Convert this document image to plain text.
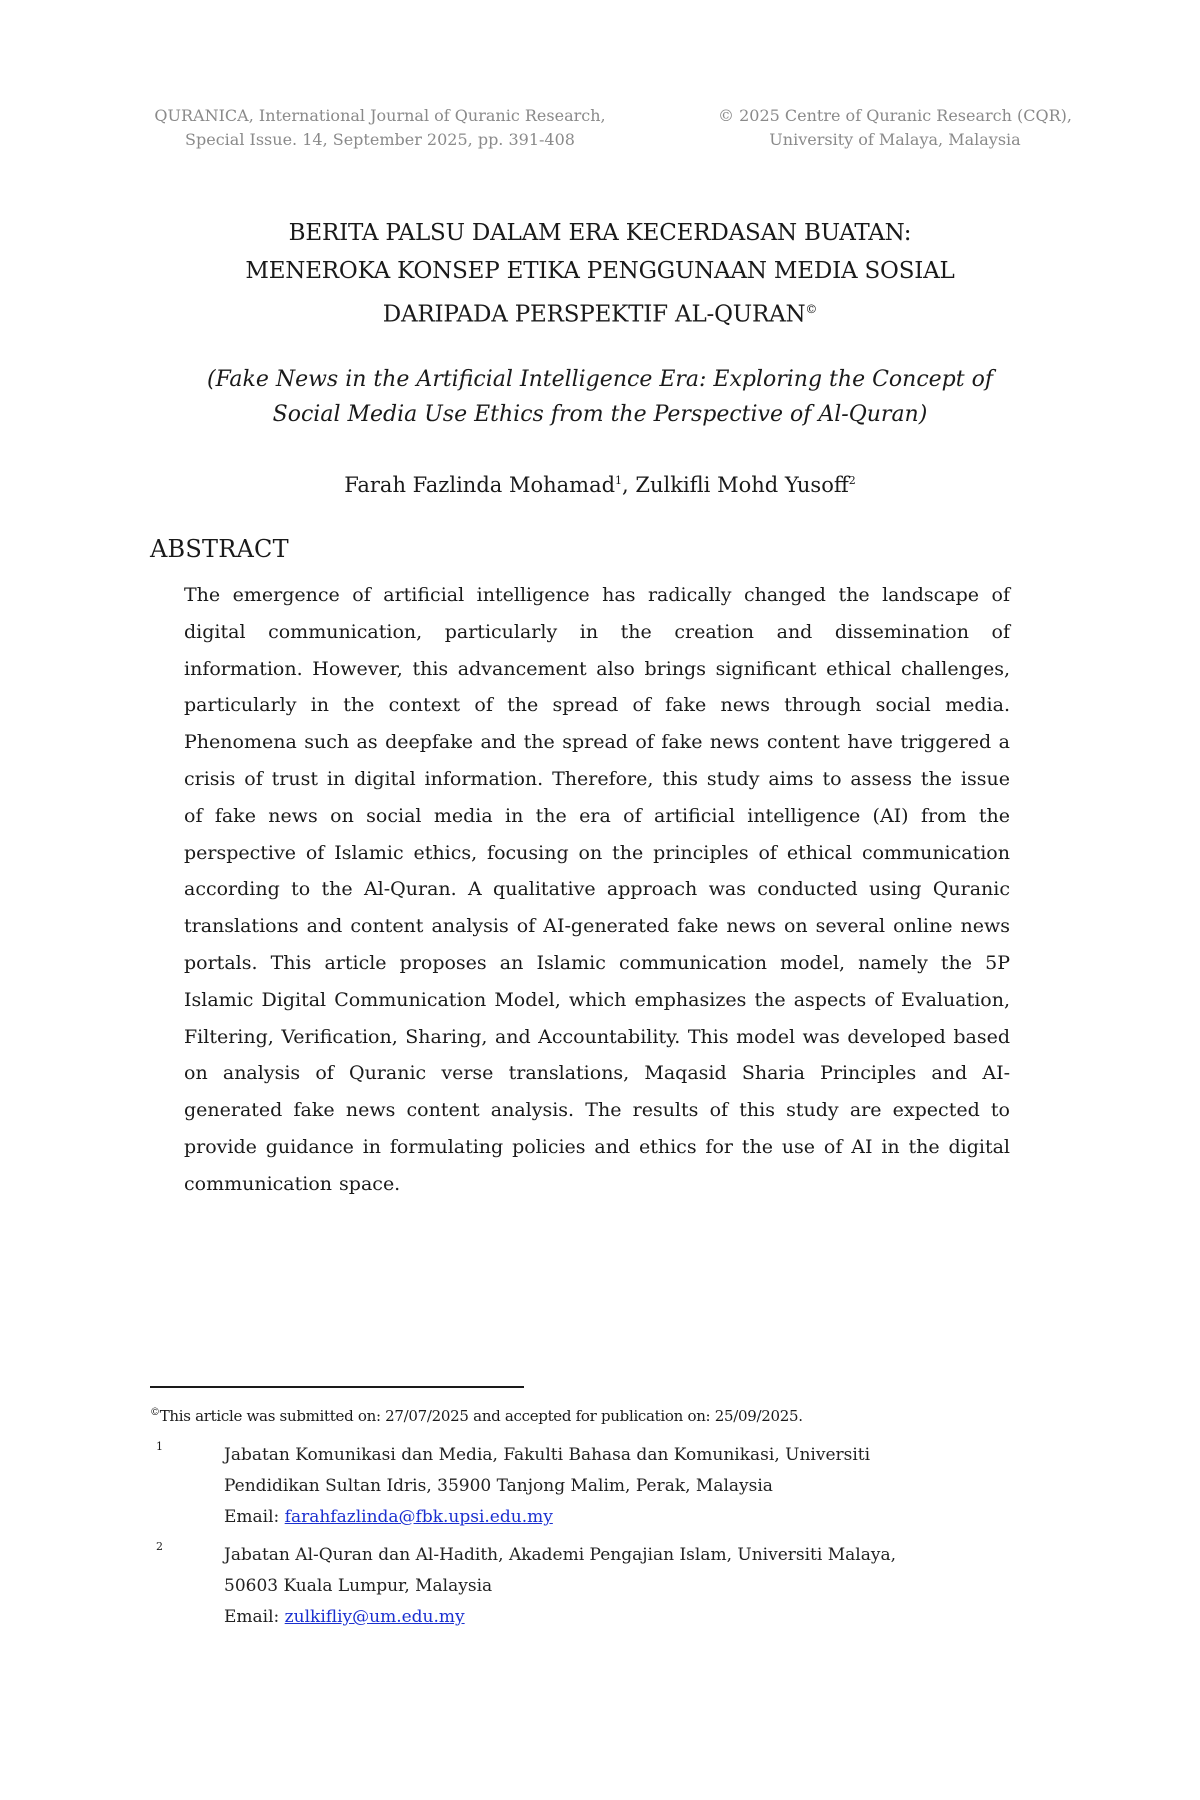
QURANICA, International Journal of Quranic Research,
Special Issue. 14, September 2025, pp. 391-408
© 2025 Centre of Quranic Research (CQR),
University of Malaya, Malaysia
BERITA PALSU DALAM ERA KECERDASAN BUATAN:
MENEROKA KONSEP ETIKA PENGGUNAAN MEDIA SOSIAL
DARIPADA PERSPEKTIF AL-QURAN©
(Fake News in the Artificial Intelligence Era: Exploring the Concept of
Social Media Use Ethics from the Perspective of Al-Quran)
Farah Fazlinda Mohamad$^1$, Zulkifli Mohd Yusoff$^2$
ABSTRACT
The emergence of artificial intelligence has radically changed the landscape of digital communication, particularly in the creation and dissemination of information. However, this advancement also brings significant ethical challenges, particularly in the context of the spread of fake news through social media. Phenomena such as deepfake and the spread of fake news content have triggered a crisis of trust in digital information. Therefore, this study aims to assess the issue of fake news on social media in the era of artificial intelligence (AI) from the perspective of Islamic ethics, focusing on the principles of ethical communication according to the Al-Quran. A qualitative approach was conducted using Quranic translations and content analysis of AI-generated fake news on several online news portals. This article proposes an Islamic communication model, namely the 5P Islamic Digital Communication Model, which emphasizes the aspects of Evaluation, Filtering, Verification, Sharing, and Accountability. This model was developed based on analysis of Quranic verse translations, Maqasid Sharia Principles and AI-generated fake news content analysis. The results of this study are expected to provide guidance in formulating policies and ethics for the use of AI in the digital communication space.
©This article was submitted on: 27/07/2025 and accepted for publication on: 25/09/2025.
1	Jabatan Komunikasi dan Media, Fakulti Bahasa dan Komunikasi, Universiti
Pendidikan Sultan Idris, 35900 Tanjong Malim, Perak, Malaysia
Email: farahfazlinda@fbk.upsi.edu.my
2	Jabatan Al-Quran dan Al-Hadith, Akademi Pengajian Islam, Universiti Malaya,
50603 Kuala Lumpur, Malaysia
Email: zulkifliy@um.edu.my
